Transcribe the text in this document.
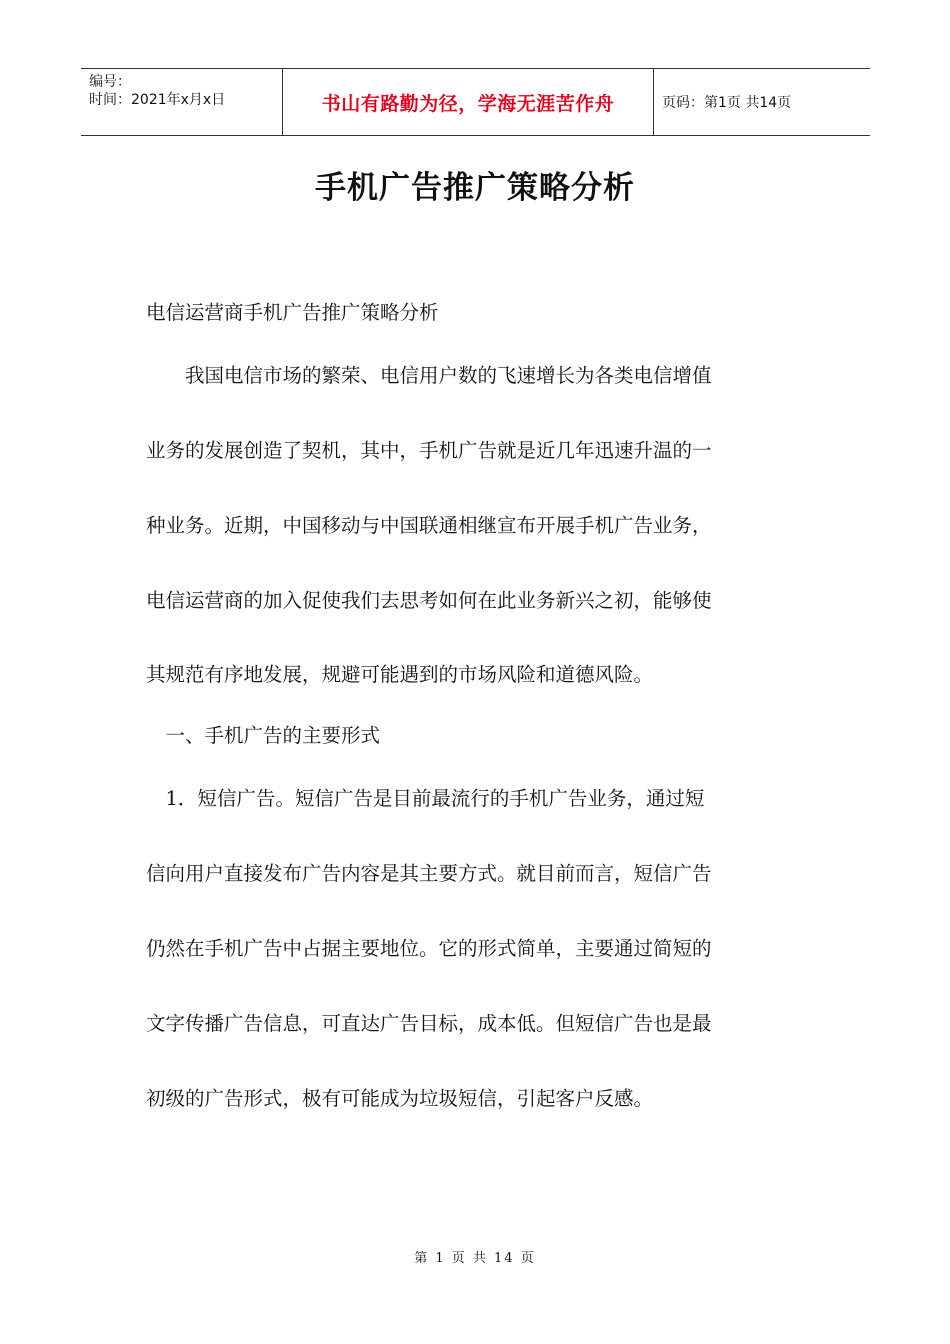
编号：
时间：2021年x月x日	书山有路勤为径，学海无涯苦作舟	页码：第1页 共14页
手机广告推广策略分析
电信运营商手机广告推广策略分析
　　我国电信市场的繁荣、电信用户数的飞速增长为各类电信增值
业务的发展创造了契机，其中，手机广告就是近几年迅速升温的一
种业务。近期，中国移动与中国联通相继宣布开展手机广告业务，
电信运营商的加入促使我们去思考如何在此业务新兴之初，能够使
其规范有序地发展，规避可能遇到的市场风险和道德风险。
　一、手机广告的主要形式
　1．短信广告。短信广告是目前最流行的手机广告业务，通过短
信向用户直接发布广告内容是其主要方式。就目前而言，短信广告
仍然在手机广告中占据主要地位。它的形式简单，主要通过简短的
文字传播广告信息，可直达广告目标，成本低。但短信广告也是最
初级的广告形式，极有可能成为垃圾短信，引起客户反感。
第 1 页 共 14 页
